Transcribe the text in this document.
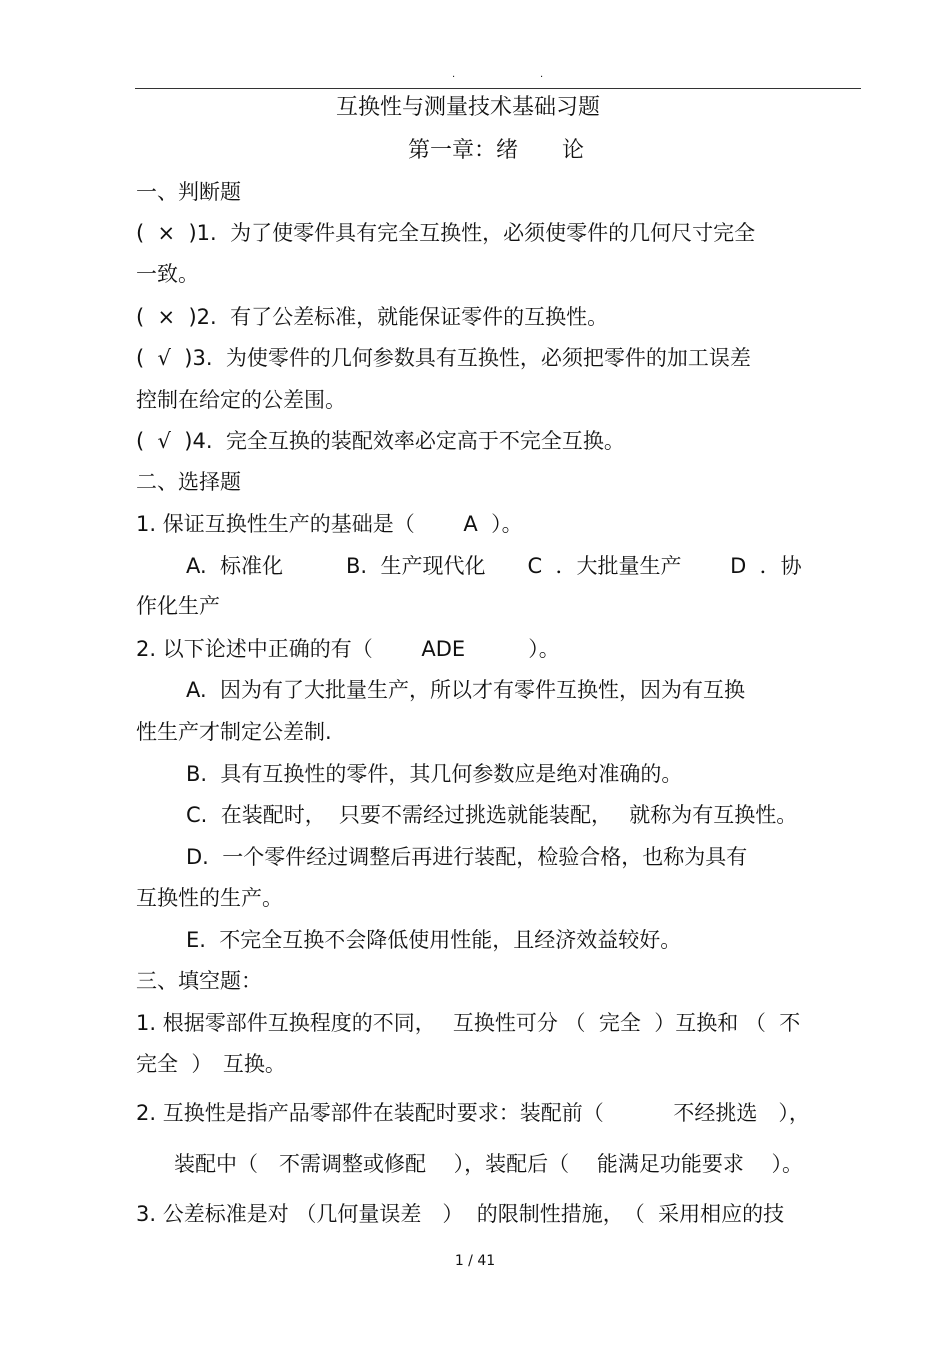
.	.
互换性与测量技术基础习题
第一章：绪　　论
一、判断题
(  ×  )1.  为了使零件具有完全互换性，必须使零件的几何尺寸完全
一致。
(  ×  )2.  有了公差标准，就能保证零件的互换性。
(  √  )3.  为使零件的几何参数具有互换性，必须把零件的加工误差
控制在给定的公差围。
(  √  )4.  完全互换的装配效率必定高于不完全互换。
二、选择题
1. 保证互换性生产的基础是（　　 A  ）。
A.  标准化　　　B.  生产现代化　　C  ．大批量生产　　 D  ．协
作化生产
2. 以下论述中正确的有（　　 ADE　　　）。
A.  因为有了大批量生产，所以才有零件互换性，因为有互换
性生产才制定公差制.
B.  具有互换性的零件，其几何参数应是绝对准确的。
C.  在装配时，  只要不需经过挑选就能装配，　 就称为有互换性。
D.  一个零件经过调整后再进行装配，检验合格，也称为具有
互换性的生产。
E.  不完全互换不会降低使用性能，且经济效益较好。
三、填空题：
1. 根据零部件互换程度的不同，　 互换性可分 （  完全  ）互换和 （  不
完全  ）　互换。
2. 互换性是指产品零部件在装配时要求：装配前（　　　 不经挑选　），
装配中（　不需调整或修配　 ），装配后（　 能满足功能要求　 ）。
3. 公差标准是对 （几何量误差　）  的限制性措施，　（  采用相应的技
1 / 41
